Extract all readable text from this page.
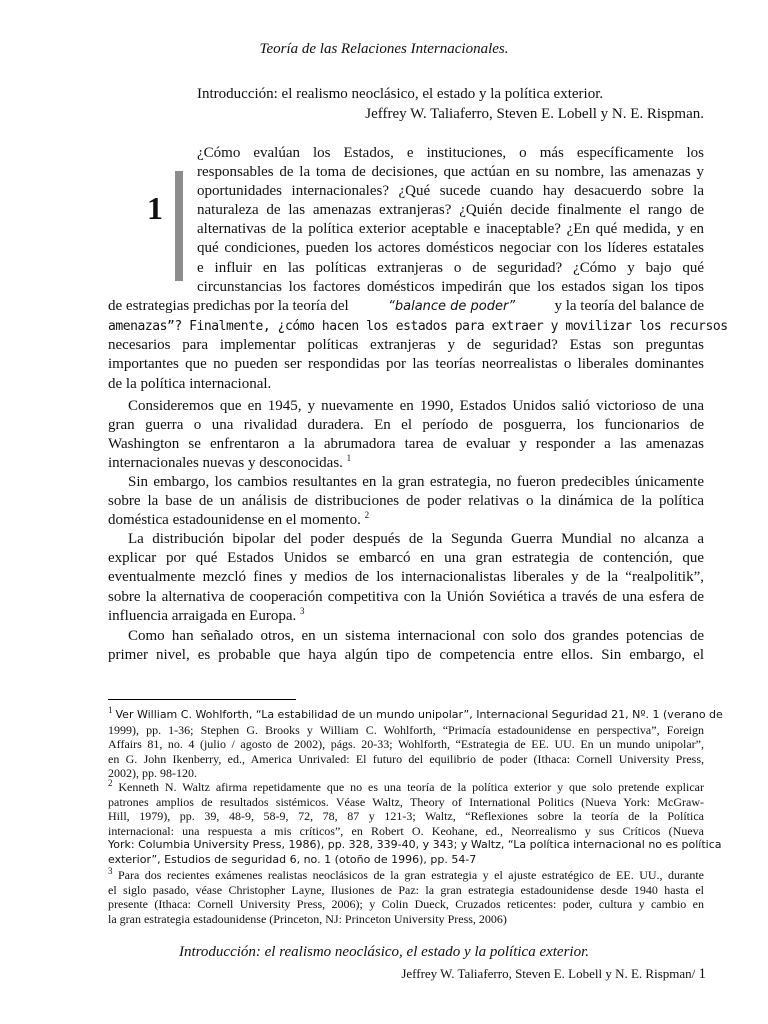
Teoría de las Relaciones Internacionales.
Introducción: el realismo neoclásico, el estado y la política exterior.
Jeffrey W. Taliaferro, Steven E. Lobell y N. E. Rispman.
1
¿Cómo evalúan los Estados, e instituciones, o más específicamente los
responsables de la toma de decisiones, que actúan en su nombre, las amenazas y
oportunidades internacionales? ¿Qué sucede cuando hay desacuerdo sobre la
naturaleza de las amenazas extranjeras? ¿Quién decide finalmente el rango de
alternativas de la política exterior aceptable e inaceptable? ¿En qué medida, y en
qué condiciones, pueden los actores domésticos negociar con los líderes estatales
e influir en las políticas extranjeras o de seguridad? ¿Cómo y bajo qué
circunstancias los factores domésticos impedirán que los estados sigan los tipos
de estrategias predichas por la teoría del	“balance de poder”	y la teoría del balance de
amenazas”? Finalmente, ¿cómo hacen los estados para extraer y movilizar los recursos
necesarios para implementar políticas extranjeras y de seguridad? Estas son preguntas
importantes que no pueden ser respondidas por las teorías neorrealistas o liberales dominantes
de la política internacional.
Consideremos que en 1945, y nuevamente en 1990, Estados Unidos salió victorioso de una
gran guerra o una rivalidad duradera. En el período de posguerra, los funcionarios de
Washington se enfrentaron a la abrumadora tarea de evaluar y responder a las amenazas
internacionales nuevas y desconocidas. $^1$
Sin embargo, los cambios resultantes en la gran estrategia, no fueron predecibles únicamente
sobre la base de un análisis de distribuciones de poder relativas o la dinámica de la política
doméstica estadounidense en el momento. $^2$
La distribución bipolar del poder después de la Segunda Guerra Mundial no alcanza a
explicar por qué Estados Unidos se embarcó en una gran estrategia de contención, que
eventualmente mezcló fines y medios de los internacionalistas liberales y de la “realpolitik”,
sobre la alternativa de cooperación competitiva con la Unión Soviética a través de una esfera de
influencia arraigada en Europa. $^3$
Como han señalado otros, en un sistema internacional con solo dos grandes potencias de
primer nivel, es probable que haya algún tipo de competencia entre ellos. Sin embargo, el
$^1$ Ver William C. Wohlforth, “La estabilidad de un mundo unipolar”, Internacional Seguridad 21, Nº. 1 (verano de
1999), pp. 1-36; Stephen G. Brooks y William C. Wohlforth, “Primacía estadounidense en perspectiva”, Foreign
Affairs 81, no. 4 (julio / agosto de 2002), págs. 20-33; Wohlforth, “Estrategia de EE. UU. En un mundo unipolar”,
en G. John Ikenberry, ed., America Unrivaled: El futuro del equilibrio de poder (Ithaca: Cornell University Press,
2002), pp. 98-120.
$^2$ Kenneth N. Waltz afirma repetidamente que no es una teoría de la política exterior y que solo pretende explicar
patrones amplios de resultados sistémicos. Véase Waltz, Theory of International Politics (Nueva York: McGraw-
Hill, 1979), pp. 39, 48-9, 58-9, 72, 78, 87 y 121-3; Waltz, “Reflexiones sobre la teoría de la Política
internacional: una respuesta a mis críticos”, en Robert O. Keohane, ed., Neorrealismo y sus Críticos (Nueva
York: Columbia University Press, 1986), pp. 328, 339-40, y 343; y Waltz, “La política internacional no es política
exterior”, Estudios de seguridad 6, no. 1 (otoño de 1996), pp. 54-7
$^3$ Para dos recientes exámenes realistas neoclásicos de la gran estrategia y el ajuste estratégico de EE. UU., durante
el siglo pasado, véase Christopher Layne, Ilusiones de Paz: la gran estrategia estadounidense desde 1940 hasta el
presente (Ithaca: Cornell University Press, 2006); y Colin Dueck, Cruzados reticentes: poder, cultura y cambio en
la gran estrategia estadounidense (Princeton, NJ: Princeton University Press, 2006)
Introducción: el realismo neoclásico, el estado y la política exterior.
Jeffrey W. Taliaferro, Steven E. Lobell y N. E. Rispman/ 1
